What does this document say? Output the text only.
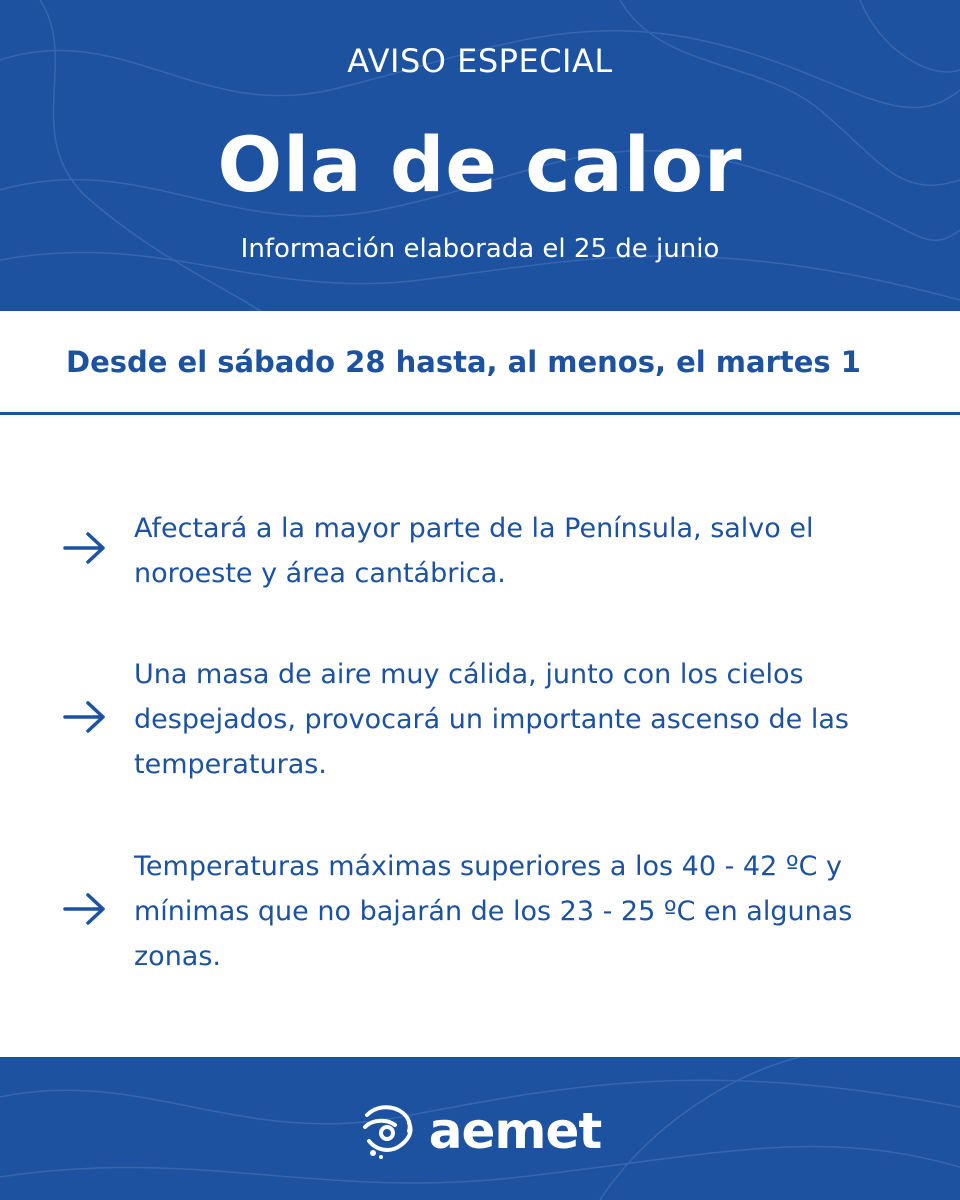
AVISO ESPECIAL
Ola de calor
Información elaborada el 25 de junio
Desde el sábado 28 hasta, al menos, el martes 1
Afectará a la mayor parte de la Península, salvo el noroeste y área cantábrica.
Una masa de aire muy cálida, junto con los cielos despejados, provocará un importante ascenso de las temperaturas.
Temperaturas máximas superiores a los 40 - 42 ºC y mínimas que no bajarán de los 23 - 25 ºC en algunas zonas.
aemet
